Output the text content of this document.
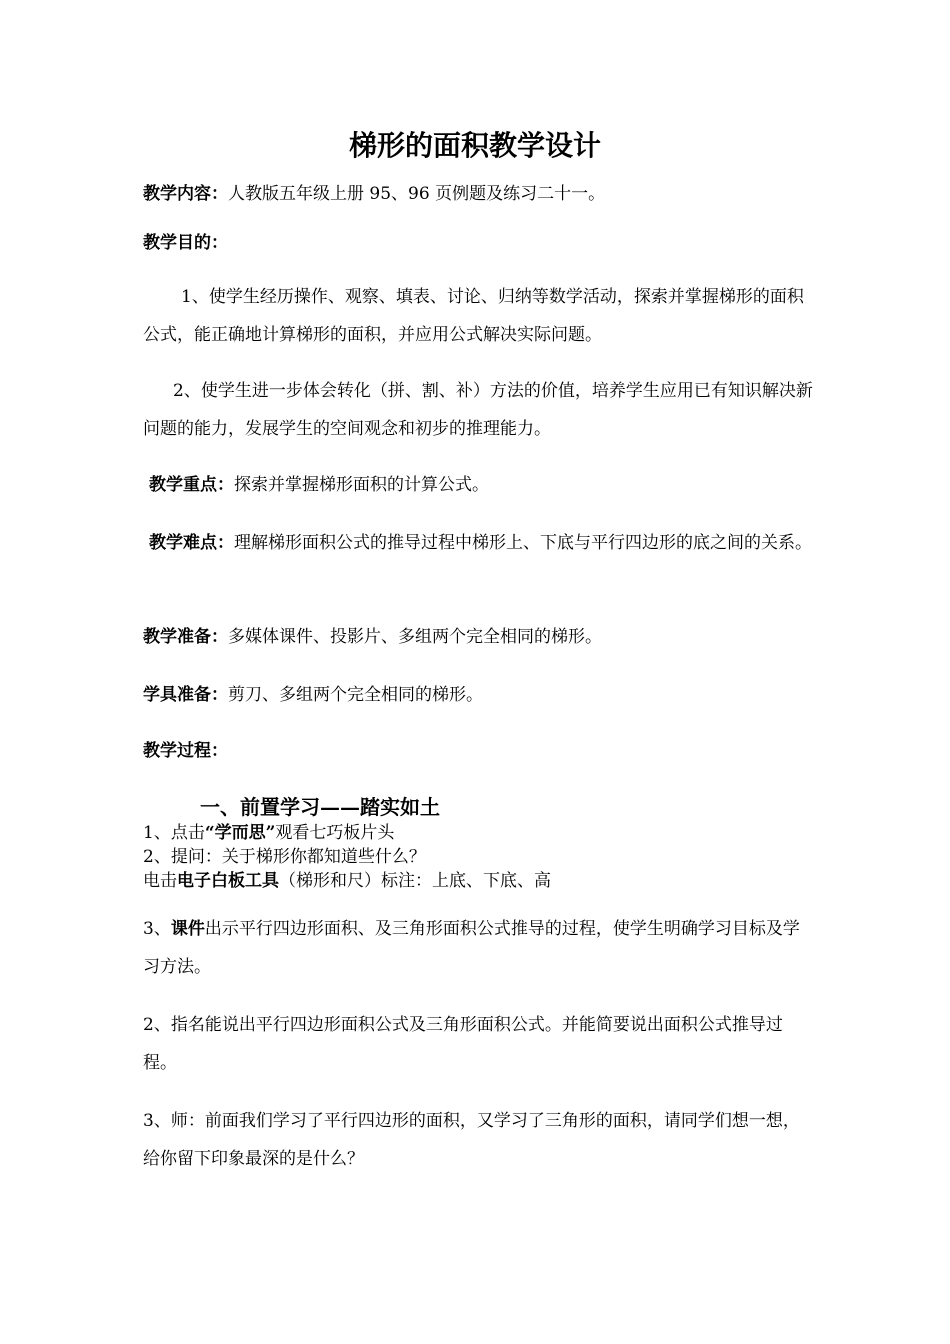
梯形的面积教学设计

教学内容：人教版五年级上册 95、96 页例题及练习二十一。

教学目的：

1、使学生经历操作、观察、填表、讨论、归纳等数学活动，探索并掌握梯形的面积公式，能正确地计算梯形的面积，并应用公式解决实际问题。

2、使学生进一步体会转化（拼、割、补）方法的价值，培养学生应用已有知识解决新问题的能力，发展学生的空间观念和初步的推理能力。

教学重点：探索并掌握梯形面积的计算公式。

教学难点：理解梯形面积公式的推导过程中梯形上、下底与平行四边形的底之间的关系。

教学准备：多媒体课件、投影片、多组两个完全相同的梯形。

学具准备：剪刀、多组两个完全相同的梯形。

教学过程：

一、前置学习——踏实如土

1、点击“学而思”观看七巧板片头

2、提问：关于梯形你都知道些什么？

电击电子白板工具（梯形和尺）标注：上底、下底、高

3、课件出示平行四边形面积、及三角形面积公式推导的过程，使学生明确学习目标及学习方法。

2、指名能说出平行四边形面积公式及三角形面积公式。并能简要说出面积公式推导过程。

3、师：前面我们学习了平行四边形的面积，又学习了三角形的面积，请同学们想一想，给你留下印象最深的是什么？
